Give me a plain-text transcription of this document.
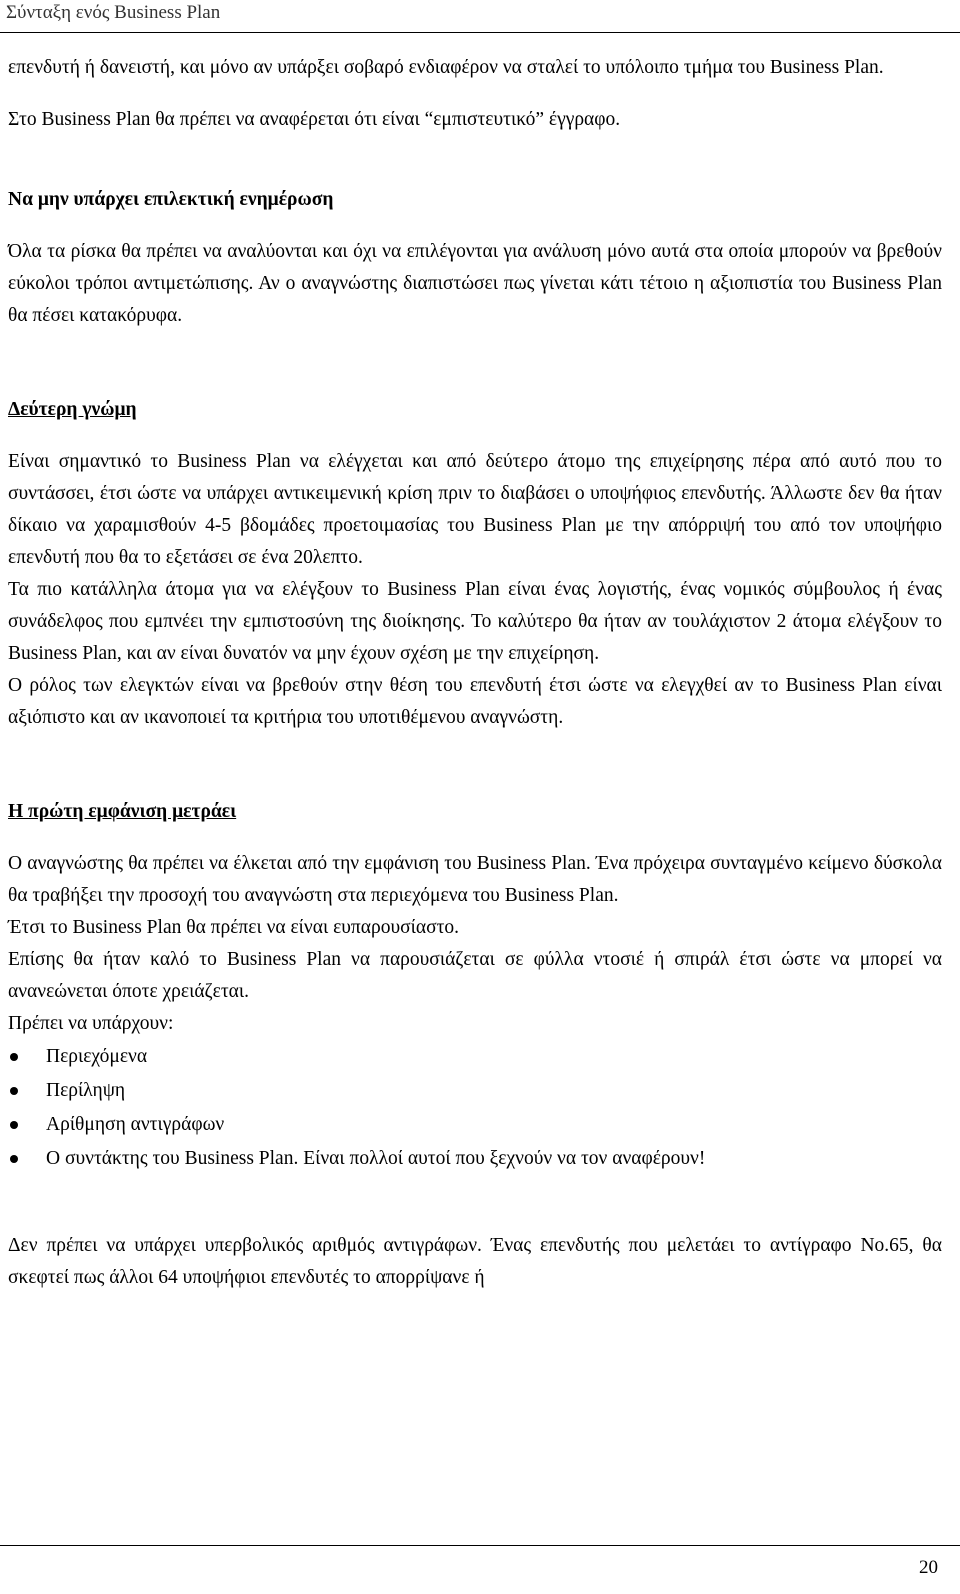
Σύνταξη ενός Business Plan

επενδυτή ή δανειστή, και μόνο αν υπάρξει σοβαρό ενδιαφέρον να σταλεί το υπόλοιπο τμήμα του Business Plan.

Στο Business Plan θα πρέπει να αναφέρεται ότι είναι “εμπιστευτικό” έγγραφο.

Να μην υπάρχει επιλεκτική ενημέρωση

Όλα τα ρίσκα θα πρέπει να αναλύονται και όχι να επιλέγονται για ανάλυση μόνο αυτά στα οποία μπορούν να βρεθούν εύκολοι τρόποι αντιμετώπισης. Αν ο αναγνώστης διαπιστώσει πως γίνεται κάτι τέτοιο η αξιοπιστία του Business Plan θα πέσει κατακόρυφα.

Δεύτερη γνώμη

Είναι σημαντικό το Business Plan να ελέγχεται και από δεύτερο άτομο της επιχείρησης πέρα από αυτό που το συντάσσει, έτσι ώστε να υπάρχει αντικειμενική κρίση πριν το διαβάσει ο υποψήφιος επενδυτής. Άλλωστε δεν θα ήταν δίκαιο να χαραμισθούν 4-5 βδομάδες προετοιμασίας του Business Plan με την απόρριψή του από τον υποψήφιο επενδυτή που θα το εξετάσει σε ένα 20λεπτο.

Τα πιο κατάλληλα άτομα για να ελέγξουν το Business Plan είναι ένας λογιστής, ένας νομικός σύμβουλος ή ένας συνάδελφος που εμπνέει την εμπιστοσύνη της διοίκησης. Το καλύτερο θα ήταν αν τουλάχιστον 2 άτομα ελέγξουν το Business Plan, και αν είναι δυνατόν να μην έχουν σχέση με την επιχείρηση.

Ο ρόλος των ελεγκτών είναι να βρεθούν στην θέση του επενδυτή έτσι ώστε να ελεγχθεί αν το Business Plan είναι αξιόπιστο και αν ικανοποιεί τα κριτήρια του υποτιθέμενου αναγνώστη.

Η πρώτη εμφάνιση μετράει

Ο αναγνώστης θα πρέπει να έλκεται από την εμφάνιση του Business Plan. Ένα πρόχειρα συνταγμένο κείμενο δύσκολα θα τραβήξει την προσοχή του αναγνώστη στα περιεχόμενα του Business Plan.

Έτσι το Business Plan θα πρέπει να είναι ευπαρουσίαστο.

Επίσης θα ήταν καλό το Business Plan να παρουσιάζεται σε φύλλα ντοσιέ ή σπιράλ έτσι ώστε να μπορεί να ανανεώνεται όποτε χρειάζεται.

Πρέπει να υπάρχουν:

Περιεχόμενα
Περίληψη
Αρίθμηση αντιγράφων
Ο συντάκτης του Business Plan. Είναι πολλοί αυτοί που ξεχνούν να τον αναφέρουν!

Δεν πρέπει να υπάρχει υπερβολικός αριθμός αντιγράφων. Ένας επενδυτής που μελετάει το αντίγραφο No.65, θα σκεφτεί πως άλλοι 64 υποψήφιοι επενδυτές το απορρίψανε ή

20
